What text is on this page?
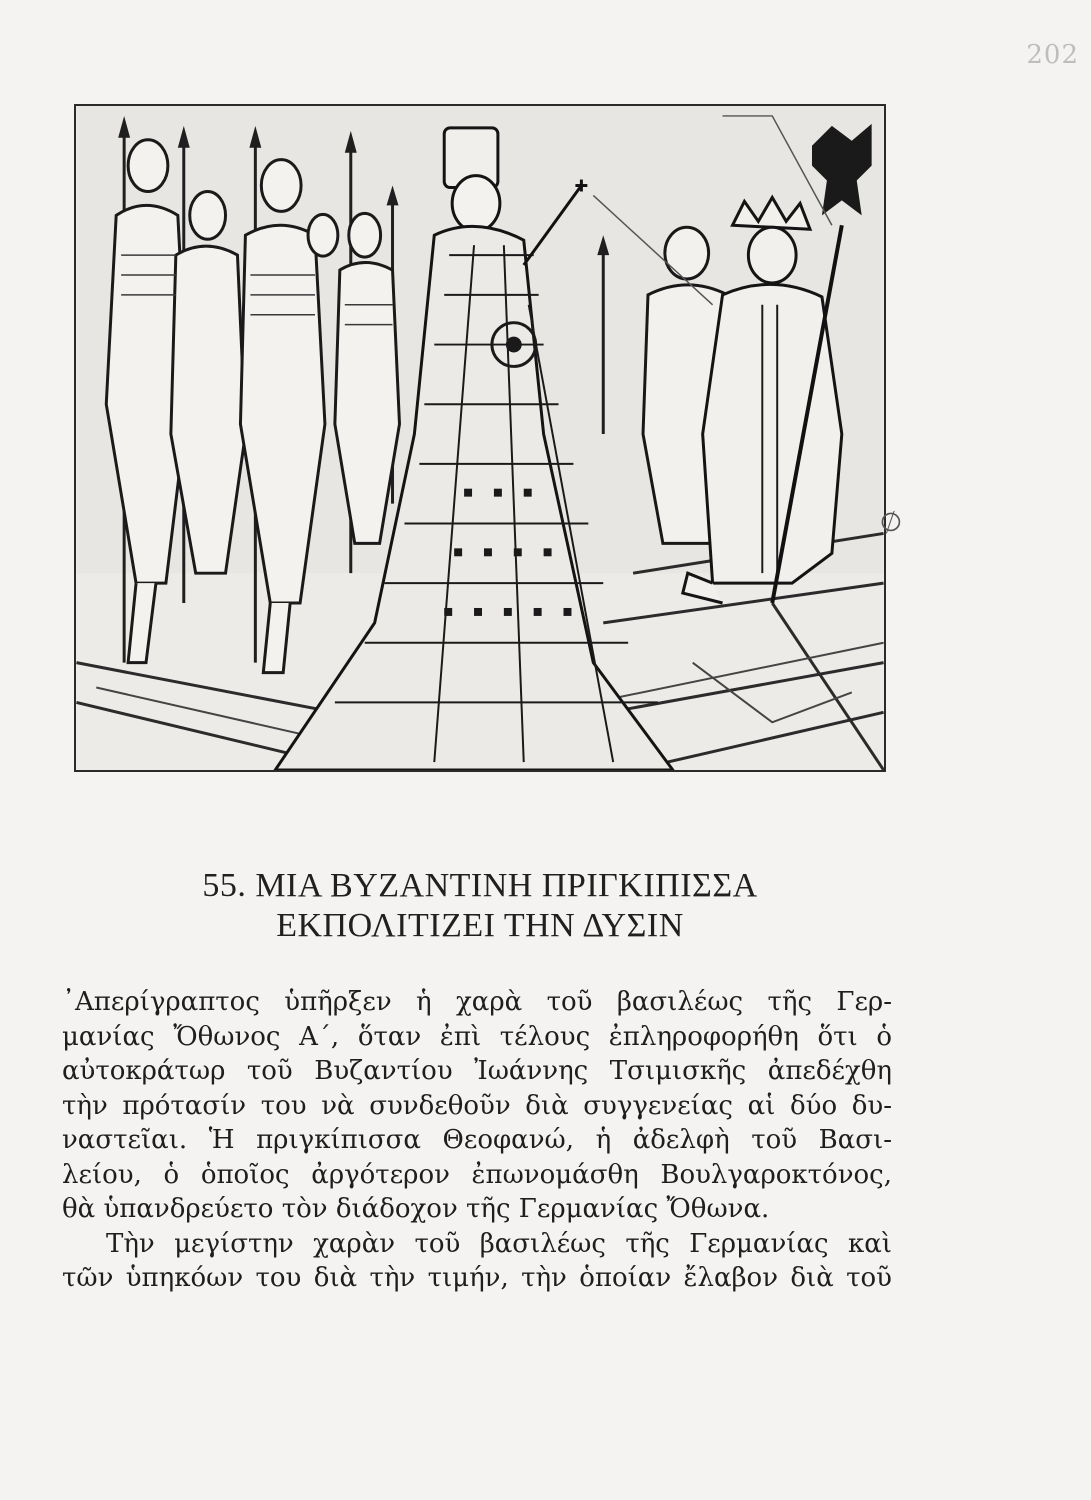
202
∅
55. ΜΙΑ ΒΥΖΑΝΤΙΝΗ ΠΡΙΓΚΙΠΙΣΣΑ
ΕΚΠΟΛΙΤΙΖΕΙ ΤΗΝ ΔΥΣΙΝ
᾿Απερίγραπτος ὑπῆρξεν ἡ χαρὰ τοῦ βασιλέως τῆς Γερ-
μανίας Ὄθωνος Α΄, ὅταν ἐπὶ τέλους ἐπληροφορήθη ὅτι ὁ
αὐτοκράτωρ τοῦ Βυζαντίου Ἰωάννης Τσιμισκῆς ἀπεδέχθη
τὴν πρότασίν του νὰ συνδεθοῦν διὰ συγγενείας αἱ δύο δυ-
ναστεῖαι. Ἡ πριγκίπισσα Θεοφανώ, ἡ ἀδελφὴ τοῦ Βασι-
λείου, ὁ ὁποῖος ἀργότερον ἐπωνομάσθη Βουλγαροκτόνος,
θὰ ὑπανδρεύετο τὸν διάδοχον τῆς Γερμανίας Ὄθωνα.
Τὴν μεγίστην χαρὰν τοῦ βασιλέως τῆς Γερμανίας καὶ
τῶν ὑπηκόων του διὰ τὴν τιμήν, τὴν ὁποίαν ἔλαβον διὰ τοῦ
